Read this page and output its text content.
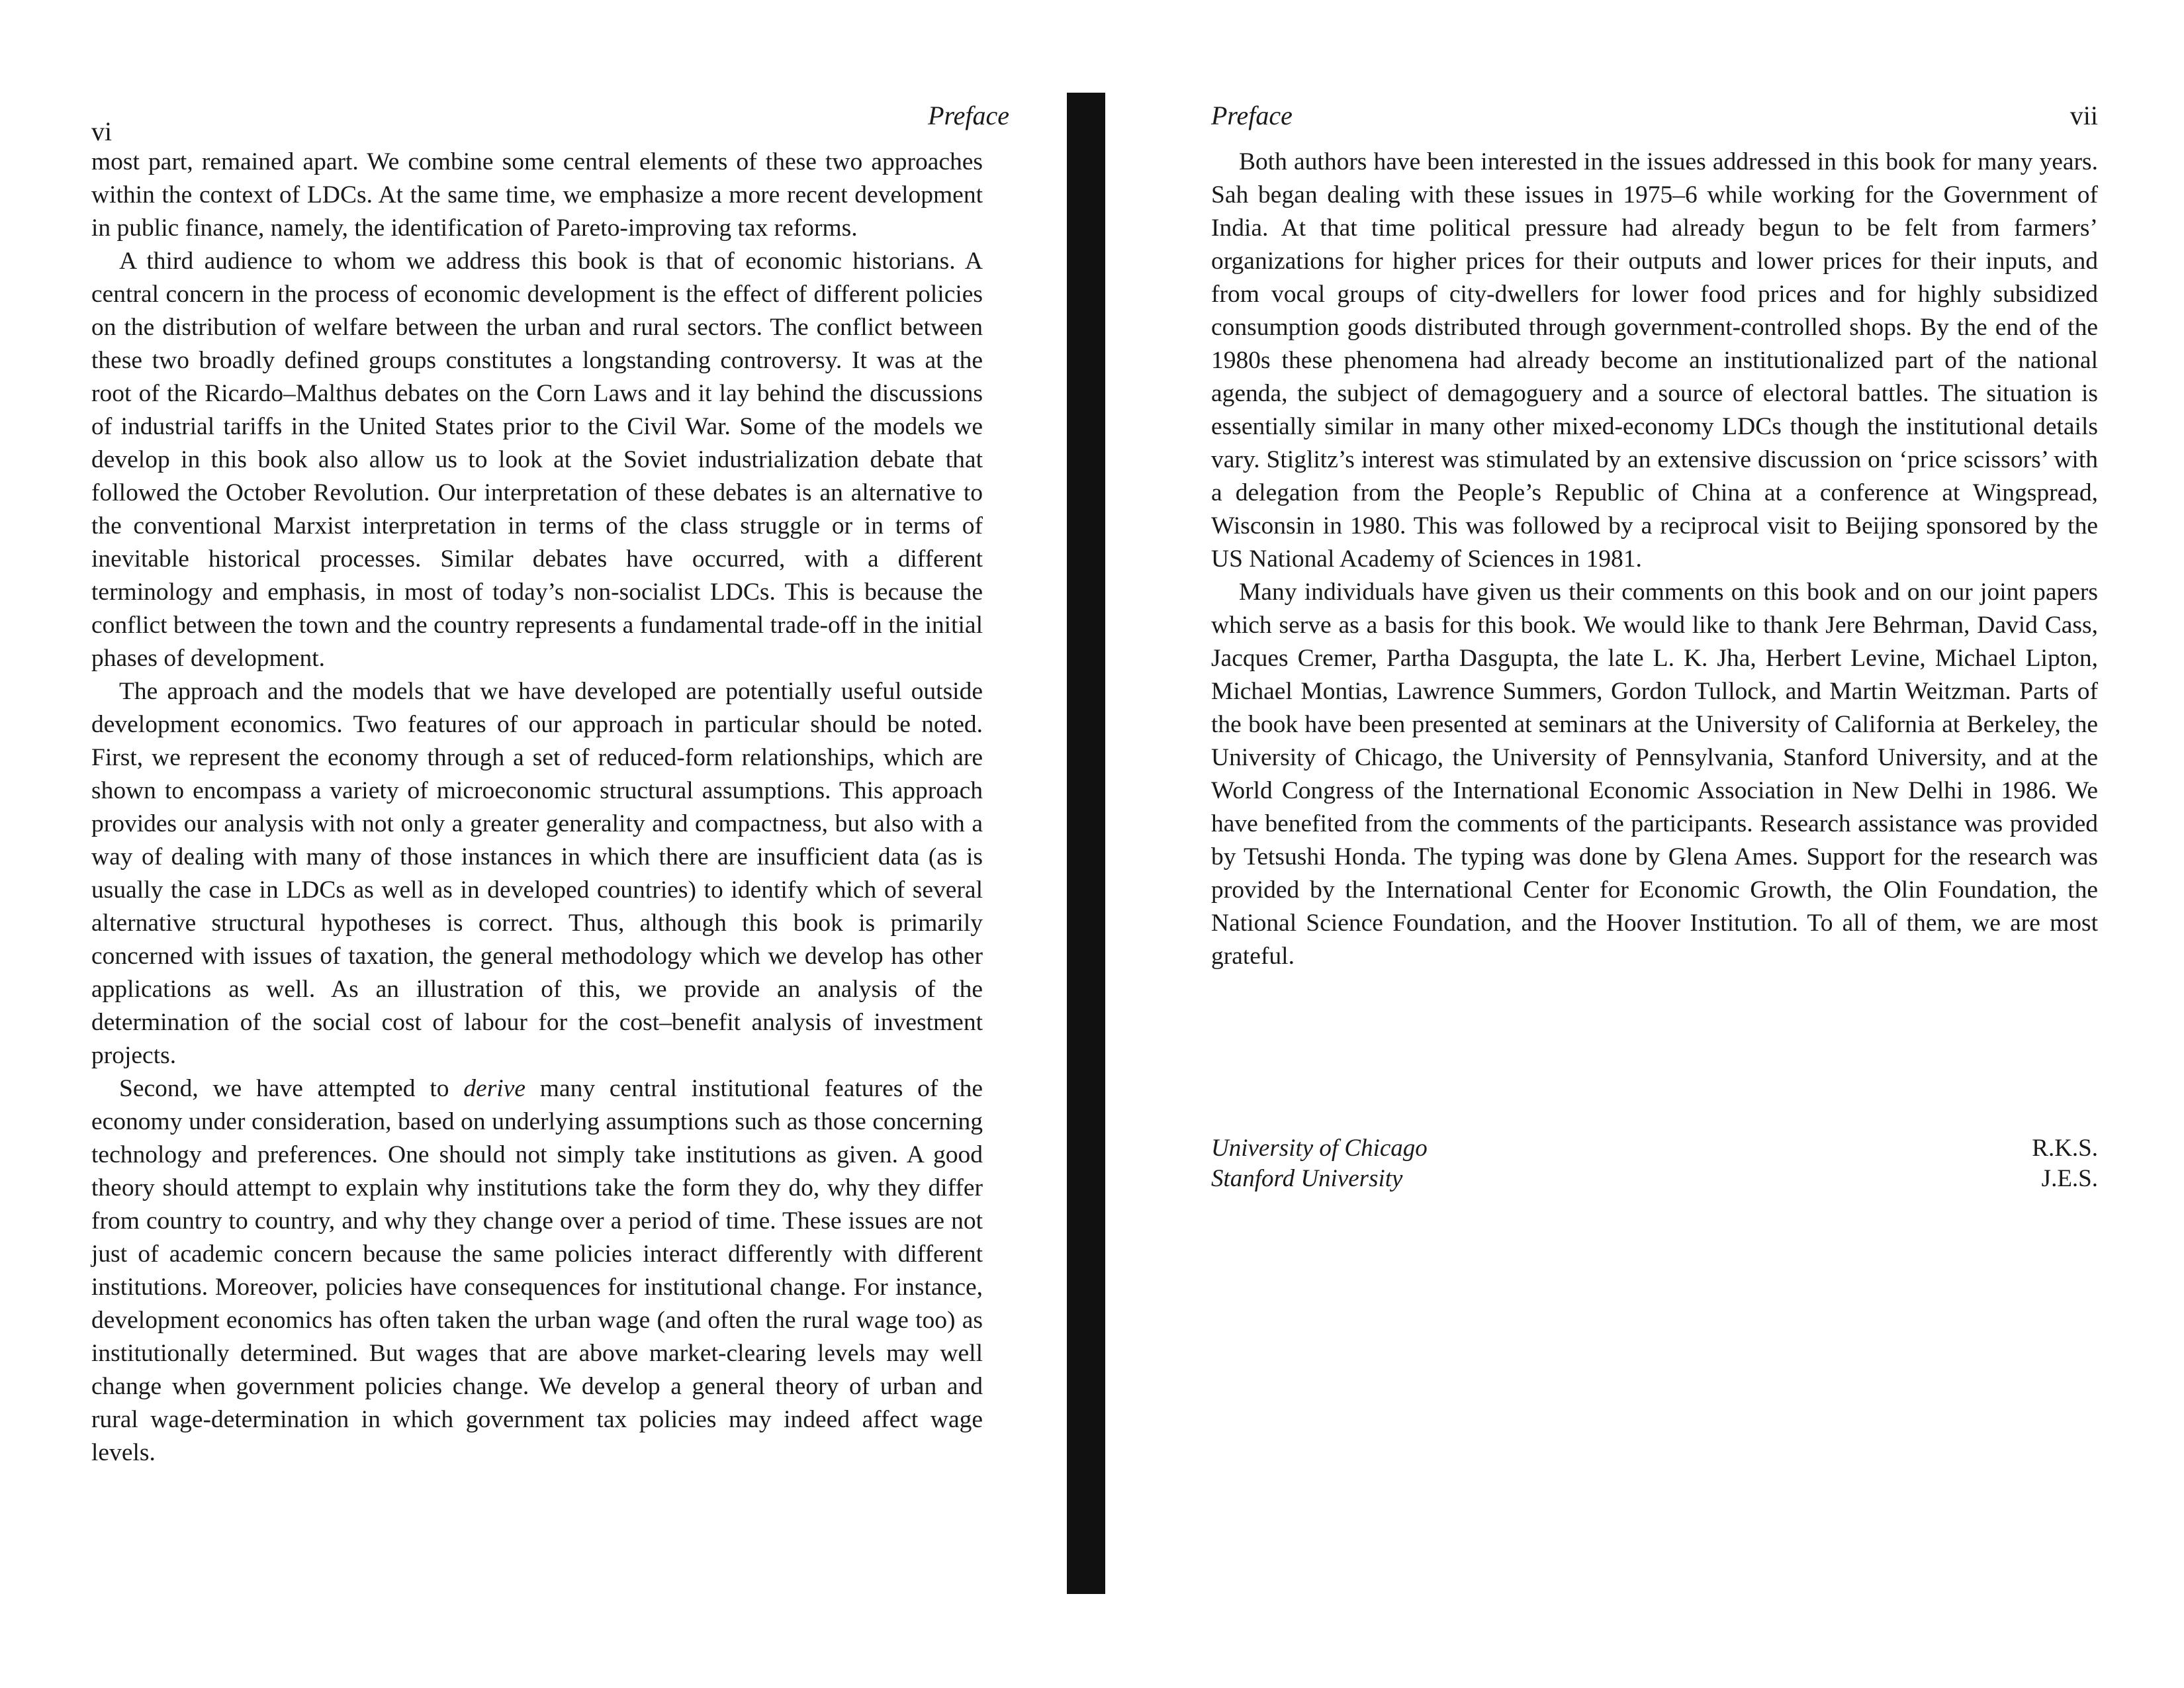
vi
Preface

most part, remained apart. We combine some central elements of these two approaches within the context of LDCs. At the same time, we emphasize a more recent development in public finance, namely, the identification of Pareto-improving tax reforms.

A third audience to whom we address this book is that of economic historians. A central concern in the process of economic development is the effect of different policies on the distribution of welfare between the urban and rural sectors. The conflict between these two broadly defined groups constitutes a longstanding controversy. It was at the root of the Ricardo–Malthus debates on the Corn Laws and it lay behind the discussions of industrial tariffs in the United States prior to the Civil War. Some of the models we develop in this book also allow us to look at the Soviet industrialization debate that followed the October Revolution. Our interpretation of these debates is an alternative to the conventional Marxist interpretation in terms of the class struggle or in terms of inevitable historical processes. Similar debates have occurred, with a different terminology and emphasis, in most of today’s non-socialist LDCs. This is because the conflict between the town and the country represents a fundamental trade-off in the initial phases of development.

The approach and the models that we have developed are potentially useful outside development economics. Two features of our approach in particular should be noted. First, we represent the economy through a set of reduced-form relationships, which are shown to encompass a variety of microeconomic structural assumptions. This approach provides our analysis with not only a greater generality and compactness, but also with a way of dealing with many of those instances in which there are insufficient data (as is usually the case in LDCs as well as in developed countries) to identify which of several alternative structural hypotheses is correct. Thus, although this book is primarily concerned with issues of taxation, the general methodology which we develop has other applications as well. As an illustration of this, we provide an analysis of the determination of the social cost of labour for the cost–benefit analysis of investment projects.

Second, we have attempted to derive many central institutional features of the economy under consideration, based on underlying assumptions such as those concerning technology and preferences. One should not simply take institutions as given. A good theory should attempt to explain why institutions take the form they do, why they differ from country to country, and why they change over a period of time. These issues are not just of academic concern because the same policies interact differently with different institutions. Moreover, policies have consequences for institutional change. For instance, development economics has often taken the urban wage (and often the rural wage too) as institutionally determined. But wages that are above market-clearing levels may well change when government policies change. We develop a general theory of urban and rural wage-determination in which government tax policies may indeed affect wage levels.

Preface	vii

Both authors have been interested in the issues addressed in this book for many years. Sah began dealing with these issues in 1975–6 while working for the Government of India. At that time political pressure had already begun to be felt from farmers’ organizations for higher prices for their outputs and lower prices for their inputs, and from vocal groups of city-dwellers for lower food prices and for highly subsidized consumption goods distributed through government-controlled shops. By the end of the 1980s these phenomena had already become an institutionalized part of the national agenda, the subject of demagoguery and a source of electoral battles. The situation is essentially similar in many other mixed-economy LDCs though the institutional details vary. Stiglitz’s interest was stimulated by an extensive discussion on ‘price scissors’ with a delegation from the People’s Republic of China at a conference at Wingspread, Wisconsin in 1980. This was followed by a reciprocal visit to Beijing sponsored by the US National Academy of Sciences in 1981.

Many individuals have given us their comments on this book and on our joint papers which serve as a basis for this book. We would like to thank Jere Behrman, David Cass, Jacques Cremer, Partha Dasgupta, the late L. K. Jha, Herbert Levine, Michael Lipton, Michael Montias, Lawrence Summers, Gordon Tullock, and Martin Weitzman. Parts of the book have been presented at seminars at the University of California at Berkeley, the University of Chicago, the University of Pennsylvania, Stanford University, and at the World Congress of the International Economic Association in New Delhi in 1986. We have benefited from the comments of the participants. Research assistance was provided by Tetsushi Honda. The typing was done by Glena Ames. Support for the research was provided by the International Center for Economic Growth, the Olin Foundation, the National Science Foundation, and the Hoover Institution. To all of them, we are most grateful.

University of Chicago	R.K.S.
Stanford University	J.E.S.
